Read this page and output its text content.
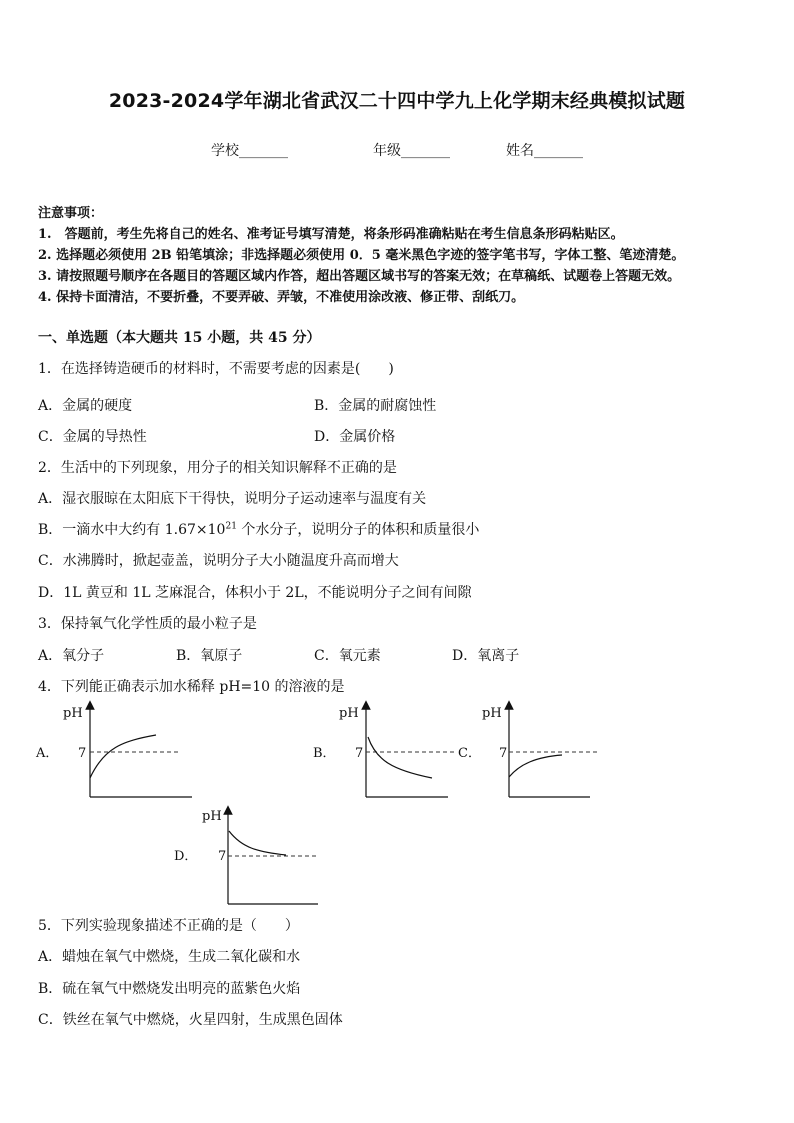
2023-2024学年湖北省武汉二十四中学九上化学期末经典模拟试题
学校_______	年级_______	姓名_______
注意事项：
1.　答题前，考生先将自己的姓名、准考证号填写清楚，将条形码准确粘贴在考生信息条形码粘贴区。
2. 选择题必须使用 2B 铅笔填涂；非选择题必须使用 0．5 毫米黑色字迹的签字笔书写，字体工整、笔迹清楚。
3. 请按照题号顺序在各题目的答题区域内作答，超出答题区域书写的答案无效；在草稿纸、试题卷上答题无效。
4. 保持卡面清洁，不要折叠，不要弄破、弄皱，不准使用涂改液、修正带、刮纸刀。
一、单选题（本大题共 15 小题，共 45 分）
1．在选择铸造硬币的材料时，不需要考虑的因素是(　　)
A．金属的硬度	B．金属的耐腐蚀性
C．金属的导热性	D．金属价格
2．生活中的下列现象，用分子的相关知识解释不正确的是
A．湿衣服晾在太阳底下干得快，说明分子运动速率与温度有关
B．一滴水中大约有 $1.67\times 10^{21}$ 个水分子，说明分子的体积和质量很小
C．水沸腾时，掀起壶盖，说明分子大小随温度升高而增大
D．1L 黄豆和 1L 芝麻混合，体积小于 2L，不能说明分子之间有间隙
3．保持氧气化学性质的最小粒子是
A．氧分子	B．氧原子	C．氧元素	D．氧离子
4．下列能正确表示加水稀释 pH=10 的溶液的是
A．
pH
7	B．
pH
7	C．
pH
7
D．
pH
7
5．下列实验现象描述不正确的是（　　）
A．蜡烛在氧气中燃烧，生成二氧化碳和水
B．硫在氧气中燃烧发出明亮的蓝紫色火焰
C．铁丝在氧气中燃烧，火星四射，生成黑色固体
